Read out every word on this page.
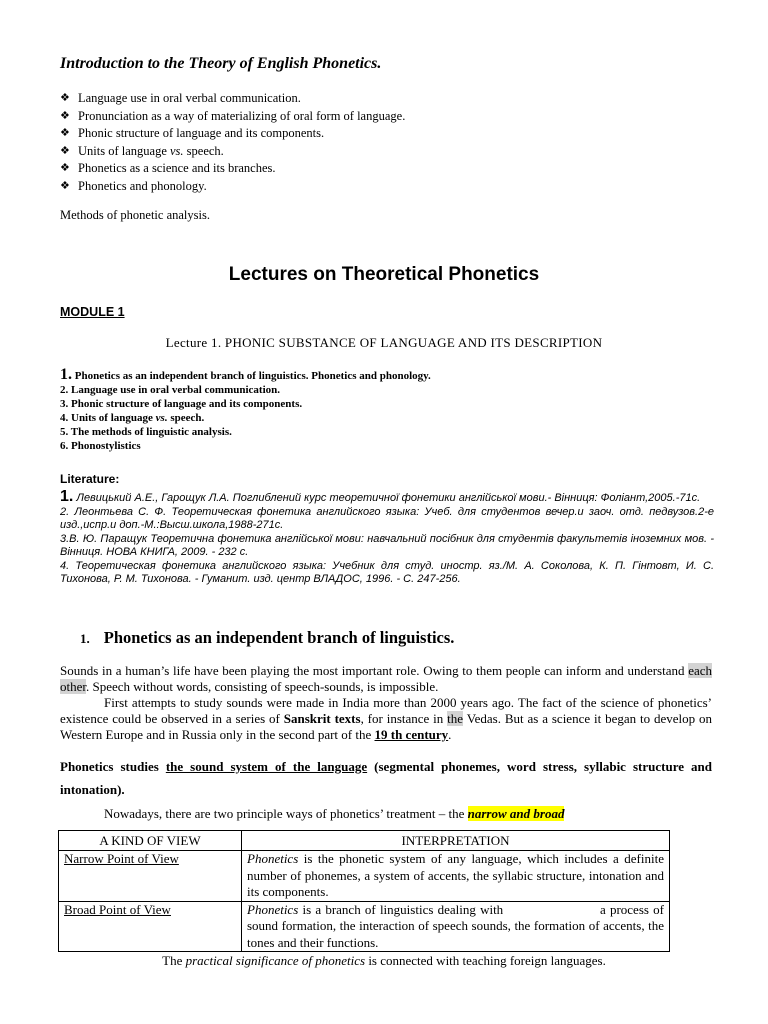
Introduction to the Theory of English Phonetics.
❖ Language use in oral verbal communication.
❖ Pronunciation as a way of materializing of oral form of language.
❖ Phonic structure of language and its components.
❖ Units of language vs. speech.
❖ Phonetics as a science and its branches.
❖ Phonetics and phonology.
Methods of phonetic analysis.
Lectures on Theoretical Phonetics
MODULE 1
Lecture 1. PHONIC SUBSTANCE OF LANGUAGE AND ITS DESCRIPTION
1. Phonetics as an independent branch of linguistics. Phonetics and phonology.
2. Language use in oral verbal communication.
3. Phonic structure of language and its components.
4. Units of language vs. speech.
5. The methods of linguistic analysis.
6. Phonostylistics
Literature:

1. Левицький А.Е., Гарощук Л.А. Поглиблений курс теоретичної фонетики англійської мови.- Вінниця: Фоліант,2005.-71с.

2. Леонтьева С. Ф. Теоретическая фонетика английского языка: Учеб. для студентов вечер.и заоч. отд. педвузов.2-е изд.,испр.и доп.-М.:Высш.школа,1988-271с.

3.В. Ю. Паращук Теоретична фонетика англійської мови: навчальний посібник для студентів факультетів іноземних мов. - Вінниця. НОВА КНИГА, 2009. - 232 с.

4. Теоретическая фонетика английского языка: Учебник для студ. иностр. яз./М. А. Соколова, К. П. Гінтовт, И. С. Тихонова, Р. М. Тихонова. - Гуманит. изд. центр ВЛАДОС, 1996. - С. 247-256.

1. Phonetics as an independent branch of linguistics.
Sounds in a human’s life have been playing the most important role. Owing to them people can inform and understand each other. Speech without words, consisting of speech-sounds, is impossible.
First attempts to study sounds were made in India more than 2000 years ago. The fact of the science of phonetics’ existence could be observed in a series of Sanskrit texts, for instance in the Vedas. But as a science it began to develop on Western Europe and in Russia only in the second part of the 19 th century.
Phonetics studies the sound system of the language (segmental phonemes, word stress, syllabic structure and intonation).
Nowadays, there are two principle ways of phonetics’ treatment – the narrow and broad
A KIND OF VIEW	INTERPRETATION
Narrow Point of View	Phonetics is the phonetic system of any language, which includes a definite number of phonemes, a system of accents, the syllabic structure, intonation and its components.
Broad Point of View	Phonetics is a branch of linguistics dealing with                       a process of sound formation, the interaction of speech sounds, the formation of accents, the tones and their functions.
The practical significance of phonetics is connected with teaching foreign languages.
